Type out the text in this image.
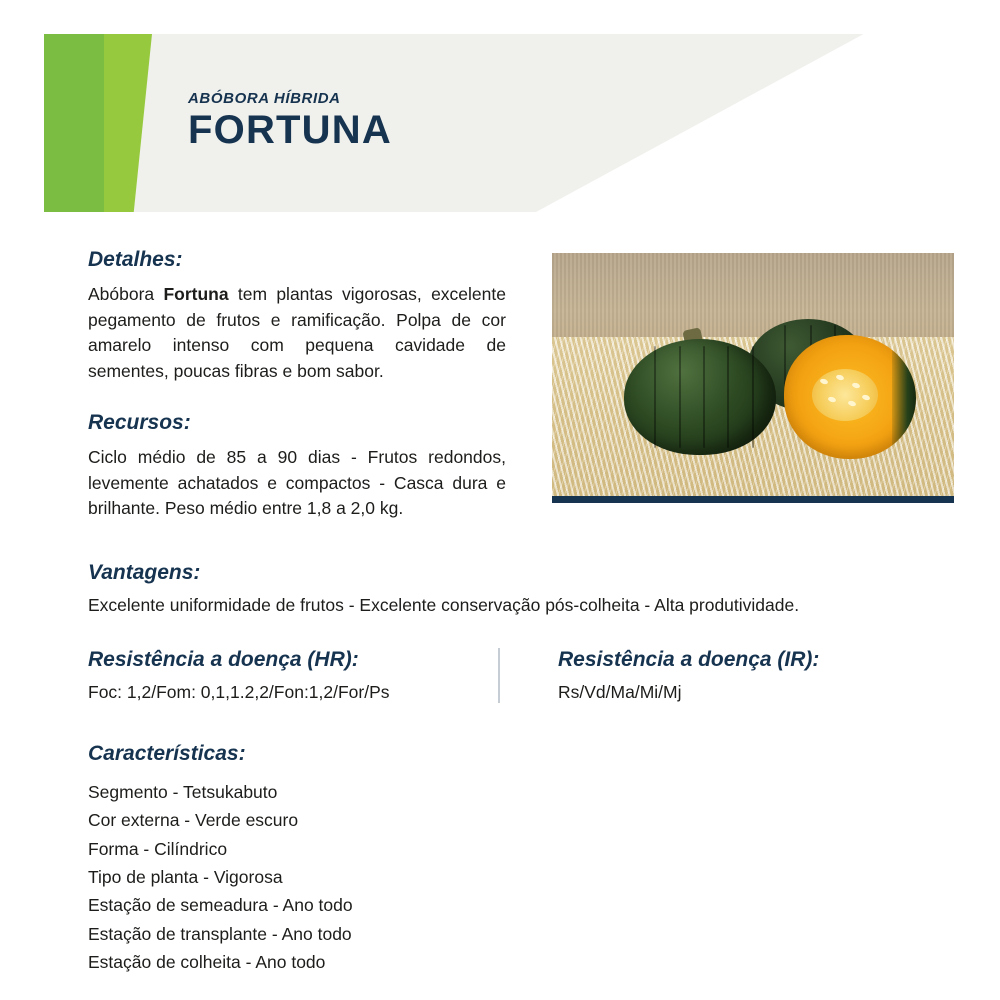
ABÓBORA HÍBRIDA
FORTUNA
Detalhes:

Abóbora Fortuna tem plantas vigorosas, excelente pegamento de frutos e ramificação. Polpa de cor amarelo intenso com pequena cavidade de sementes, poucas fibras e bom sabor.

Recursos:

Ciclo médio de 85 a 90 dias - Frutos redondos, levemente achatados e compactos - Casca dura e brilhante. Peso médio entre 1,8 a 2,0 kg.

Vantagens:

Excelente uniformidade de frutos - Excelente conservação pós-colheita - Alta produtividade.

Resistência a doença (HR):

Foc: 1,2/Fom: 0,1,1.2,2/Fon:1,2/For/Ps

Resistência a doença (IR):

Rs/Vd/Ma/Mi/Mj

Características:
Segmento - Tetsukabuto
Cor externa - Verde escuro
Forma - Cilíndrico
Tipo de planta - Vigorosa
Estação de semeadura - Ano todo
Estação de transplante - Ano todo
Estação de colheita - Ano todo
